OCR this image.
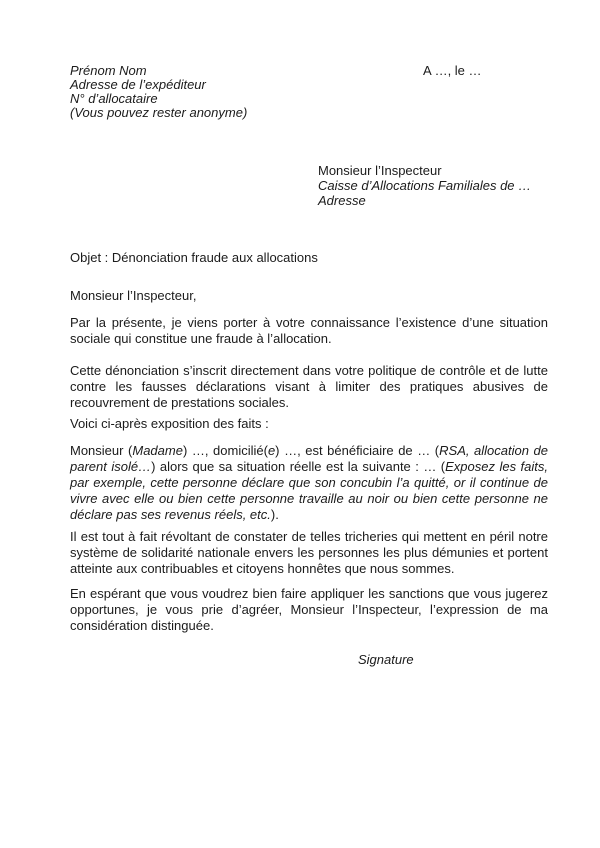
Prénom Nom
Adresse de l’expéditeur
N° d’allocataire
(Vous pouvez rester anonyme)
A …, le …
Monsieur l’Inspecteur
Caisse d’Allocations Familiales de …
Adresse
Objet : Dénonciation fraude aux allocations
Monsieur l’Inspecteur,

Par la présente, je viens porter à votre connaissance l’existence d’une situation sociale qui constitue une fraude à l’allocation.

Cette dénonciation s’inscrit directement dans votre politique de contrôle et de lutte contre les fausses déclarations visant à limiter des pratiques abusives de recouvrement de prestations sociales.

Voici ci-après exposition des faits :

Monsieur (Madame) …, domicilié(e) …, est bénéficiaire de … (RSA, allocation de parent isolé…) alors que sa situation réelle est la suivante : … (Exposez les faits, par exemple, cette personne déclare que son concubin l’a quitté, or il continue de vivre avec elle ou bien cette personne travaille au noir ou bien cette personne ne déclare pas ses revenus réels, etc.).

Il est tout à fait révoltant de constater de telles tricheries qui mettent en péril notre système de solidarité nationale envers les personnes les plus démunies et portent atteinte aux contribuables et citoyens honnêtes que nous sommes.

En espérant que vous voudrez bien faire appliquer les sanctions que vous jugerez opportunes, je vous prie d’agréer, Monsieur l’Inspecteur, l’expression de ma considération distinguée.

Signature
